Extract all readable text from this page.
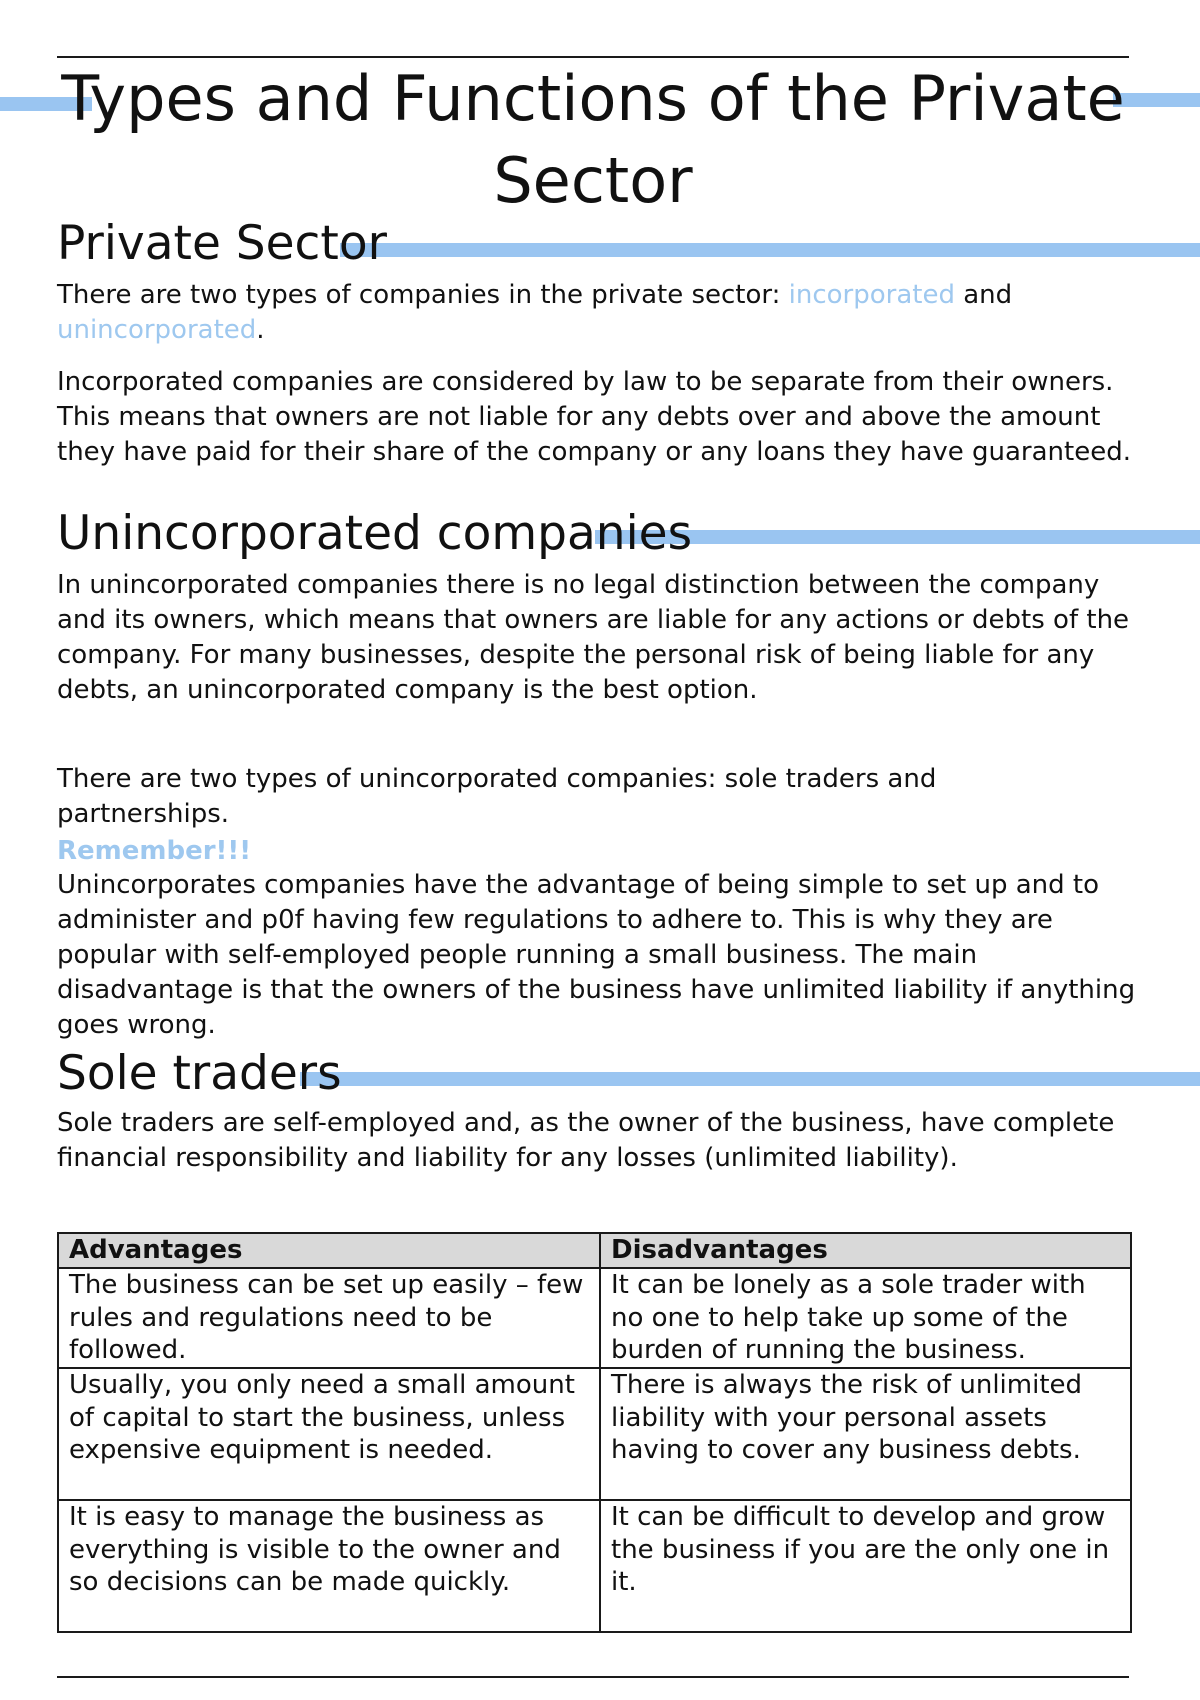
Types and Functions of the Private Sector
Private Sector

There are two types of companies in the private sector: incorporated and unincorporated.

Incorporated companies are considered by law to be separate from their owners. This means that owners are not liable for any debts over and above the amount they have paid for their share of the company or any loans they have guaranteed.

Unincorporated companies

In unincorporated companies there is no legal distinction between the company and its owners, which means that owners are liable for any actions or debts of the company. For many businesses, despite the personal risk of being liable for any debts, an unincorporated company is the best option.

There are two types of unincorporated companies: sole traders and partnerships.

Remember!!!

Unincorporates companies have the advantage of being simple to set up and to administer and p0f having few regulations to adhere to. This is why they are popular with self-employed people running a small business. The main disadvantage is that the owners of the business have unlimited liability if anything goes wrong.

Sole traders

Sole traders are self-employed and, as the owner of the business, have complete financial responsibility and liability for any losses (unlimited liability).

Advantages	Disadvantages
The business can be set up easily – few rules and regulations need to be followed.	It can be lonely as a sole trader with no one to help take up some of the burden of running the business.
Usually, you only need a small amount of capital to start the business, unless expensive equipment is needed.	There is always the risk of unlimited liability with your personal assets having to cover any business debts.
It is easy to manage the business as everything is visible to the owner and so decisions can be made quickly.	It can be difficult to develop and grow the business if you are the only one in it.
